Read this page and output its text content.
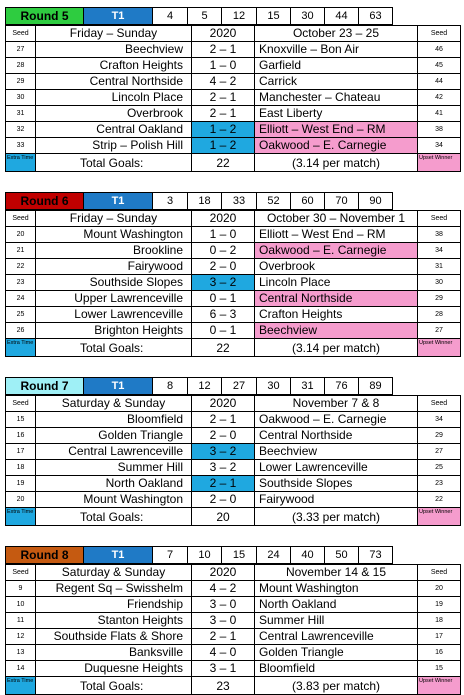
Round 5	T1	4	5	12	15	30	44	63
Seed	Friday – Sunday	2020	October 23 – 25	Seed
27	Beechview	2 – 1	Knoxville – Bon Air	46
28	Crafton Heights	1 – 0	Garfield	45
29	Central Northside	4 – 2	Carrick	44
30	Lincoln Place	2 – 1	Manchester – Chateau	42
31	Overbrook	2 – 1	East Liberty	41
32	Central Oakland	1 – 2	Elliott – West End – RM	38
33	Strip – Polish Hill	1 – 2	Oakwood – E. Carnegie	34
Extra Time	Total Goals:	22	(3.14 per match)	Upset Winner
Round 6	T1	3	18	33	52	60	70	90
Seed	Friday – Sunday	2020	October 30 – November 1	Seed
20	Mount Washington	1 – 0	Elliott – West End – RM	38
21	Brookline	0 – 2	Oakwood – E. Carnegie	34
22	Fairywood	2 – 0	Overbrook	31
23	Southside Slopes	3 – 2	Lincoln Place	30
24	Upper Lawrenceville	0 – 1	Central Northside	29
25	Lower Lawrenceville	6 – 3	Crafton Heights	28
26	Brighton Heights	0 – 1	Beechview	27
Extra Time	Total Goals:	22	(3.14 per match)	Upset Winner
Round 7	T1	8	12	27	30	31	76	89
Seed	Saturday & Sunday	2020	November 7 & 8	Seed
15	Bloomfield	2 – 1	Oakwood – E. Carnegie	34
16	Golden Triangle	2 – 0	Central Northside	29
17	Central Lawrenceville	3 – 2	Beechview	27
18	Summer Hill	3 – 2	Lower Lawrenceville	25
19	North Oakland	2 – 1	Southside Slopes	23
20	Mount Washington	2 – 0	Fairywood	22
Extra Time	Total Goals:	20	(3.33 per match)	Upset Winner
Round 8	T1	7	10	15	24	40	50	73
Seed	Saturday & Sunday	2020	November 14 & 15	Seed
9	Regent Sq – Swisshelm	4 – 2	Mount Washington	20
10	Friendship	3 – 0	North Oakland	19
11	Stanton Heights	3 – 0	Summer Hill	18
12	Southside Flats & Shore	2 – 1	Central Lawrenceville	17
13	Banksville	4 – 0	Golden Triangle	16
14	Duquesne Heights	3 – 1	Bloomfield	15
Extra Time	Total Goals:	23	(3.83 per match)	Upset Winner
